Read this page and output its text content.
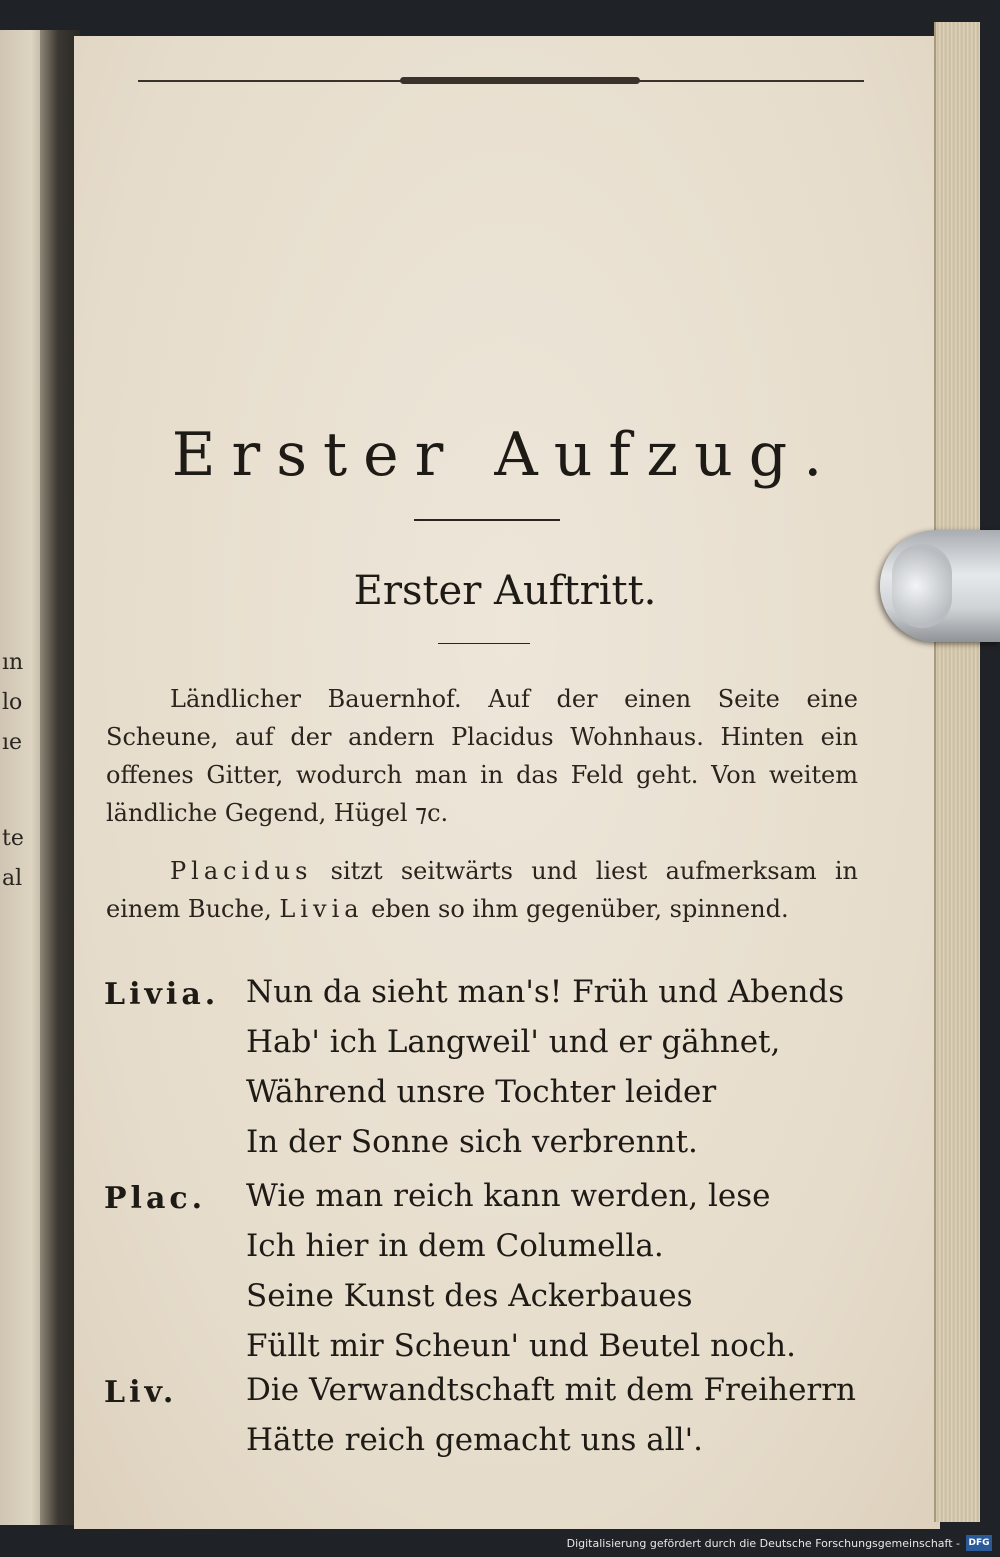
ın
lo
ıe
te
al
Erster Aufzug.
Erster Auftritt.
Ländlicher Bauernhof. Auf der einen Seite eine Scheune, auf der andern Placidus Wohnhaus. Hinten ein offenes Gitter, wodurch man in das Feld geht. Von weitem ländliche Gegend, Hügel ⁊c.
Placidus sitzt seitwärts und liest aufmerksam in einem Buche, Livia eben so ihm gegenüber, spinnend.
Livia. Nun da sieht man's! Früh und Abends
Hab' ich Langweil' und er gähnet,
Während unsre Tochter leider
In der Sonne sich verbrennt.
Plac. Wie man reich kann werden, lese
Ich hier in dem Columella.
Seine Kunst des Ackerbaues
Füllt mir Scheun' und Beutel noch.
Liv. Die Verwandtschaft mit dem Freiherrn
Hätte reich gemacht uns all'.
Digitalisierung gefördert durch die Deutsche Forschungsgemeinschaft - DFG
